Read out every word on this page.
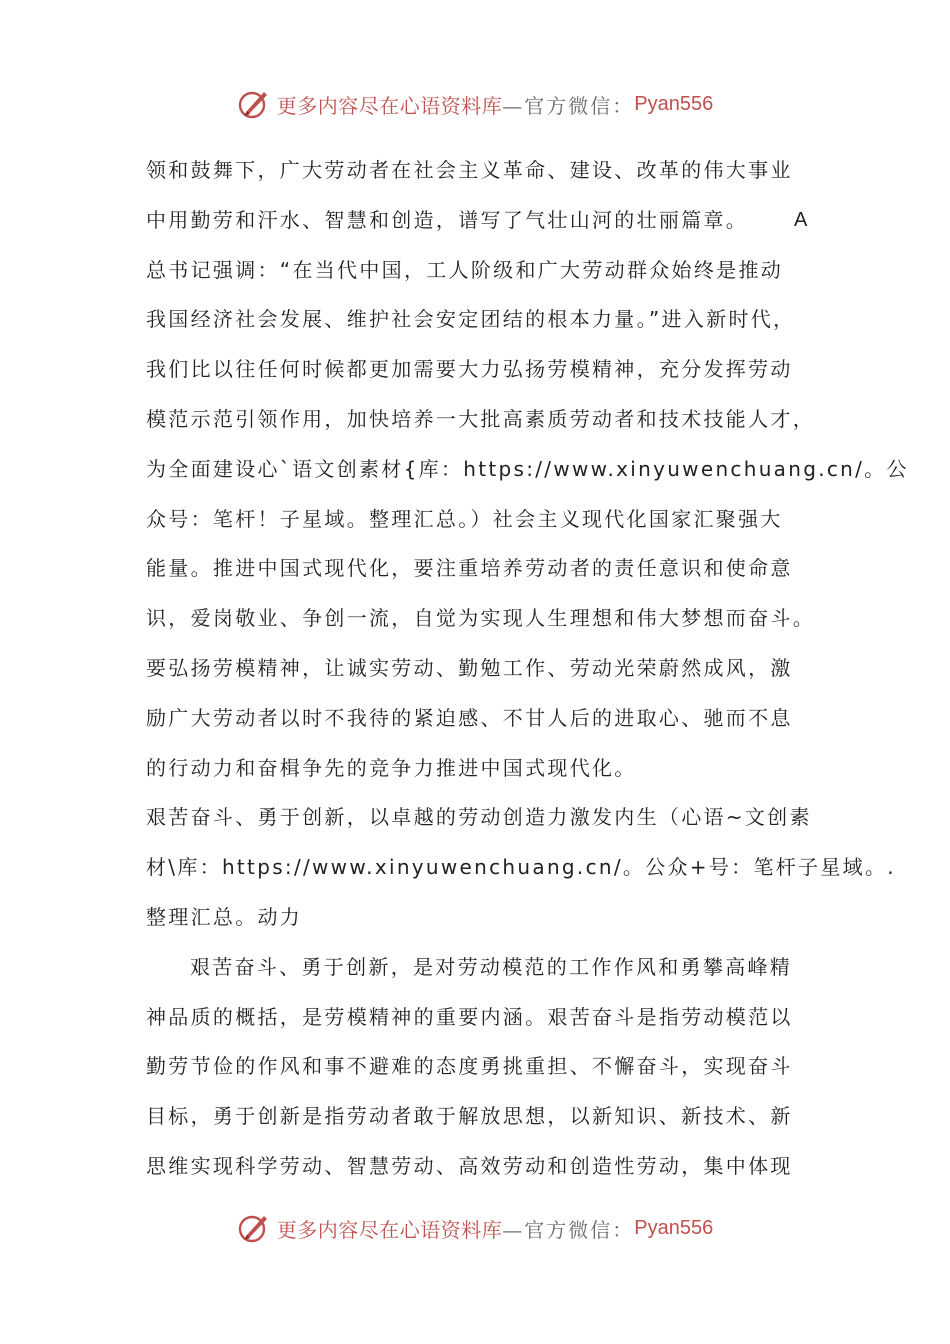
更多内容尽在心语资料库 —官方微信： Pyan556
领和鼓舞下，广大劳动者在社会主义革命、建设、改革的伟大事业
中用勤劳和汗水、智慧和创造，谱写了气壮山河的壮丽篇章。 A
总书记强调：“在当代中国，工人阶级和广大劳动群众始终是推动
我国经济社会发展、维护社会安定团结的根本力量。”进入新时代，
我们比以往任何时候都更加需要大力弘扬劳模精神，充分发挥劳动
模范示范引领作用，加快培养一大批高素质劳动者和技术技能人才，
为全面建设心`语文创素材{库：https://www.xinyuwenchuang.cn/。公
众号：笔杆！子星域。整理汇总。）社会主义现代化国家汇聚强大
能量。推进中国式现代化，要注重培养劳动者的责任意识和使命意
识，爱岗敬业、争创一流，自觉为实现人生理想和伟大梦想而奋斗。
要弘扬劳模精神，让诚实劳动、勤勉工作、劳动光荣蔚然成风，激
励广大劳动者以时不我待的紧迫感、不甘人后的进取心、驰而不息
的行动力和奋楫争先的竞争力推进中国式现代化。
艰苦奋斗、勇于创新，以卓越的劳动创造力激发内生（心语~文创素
材\库：https://www.xinyuwenchuang.cn/。公众+号：笔杆子星域。.
整理汇总。动力
艰苦奋斗、勇于创新，是对劳动模范的工作作风和勇攀高峰精
神品质的概括，是劳模精神的重要内涵。艰苦奋斗是指劳动模范以
勤劳节俭的作风和事不避难的态度勇挑重担、不懈奋斗，实现奋斗
目标，勇于创新是指劳动者敢于解放思想，以新知识、新技术、新
思维实现科学劳动、智慧劳动、高效劳动和创造性劳动，集中体现
更多内容尽在心语资料库 —官方微信： Pyan556
